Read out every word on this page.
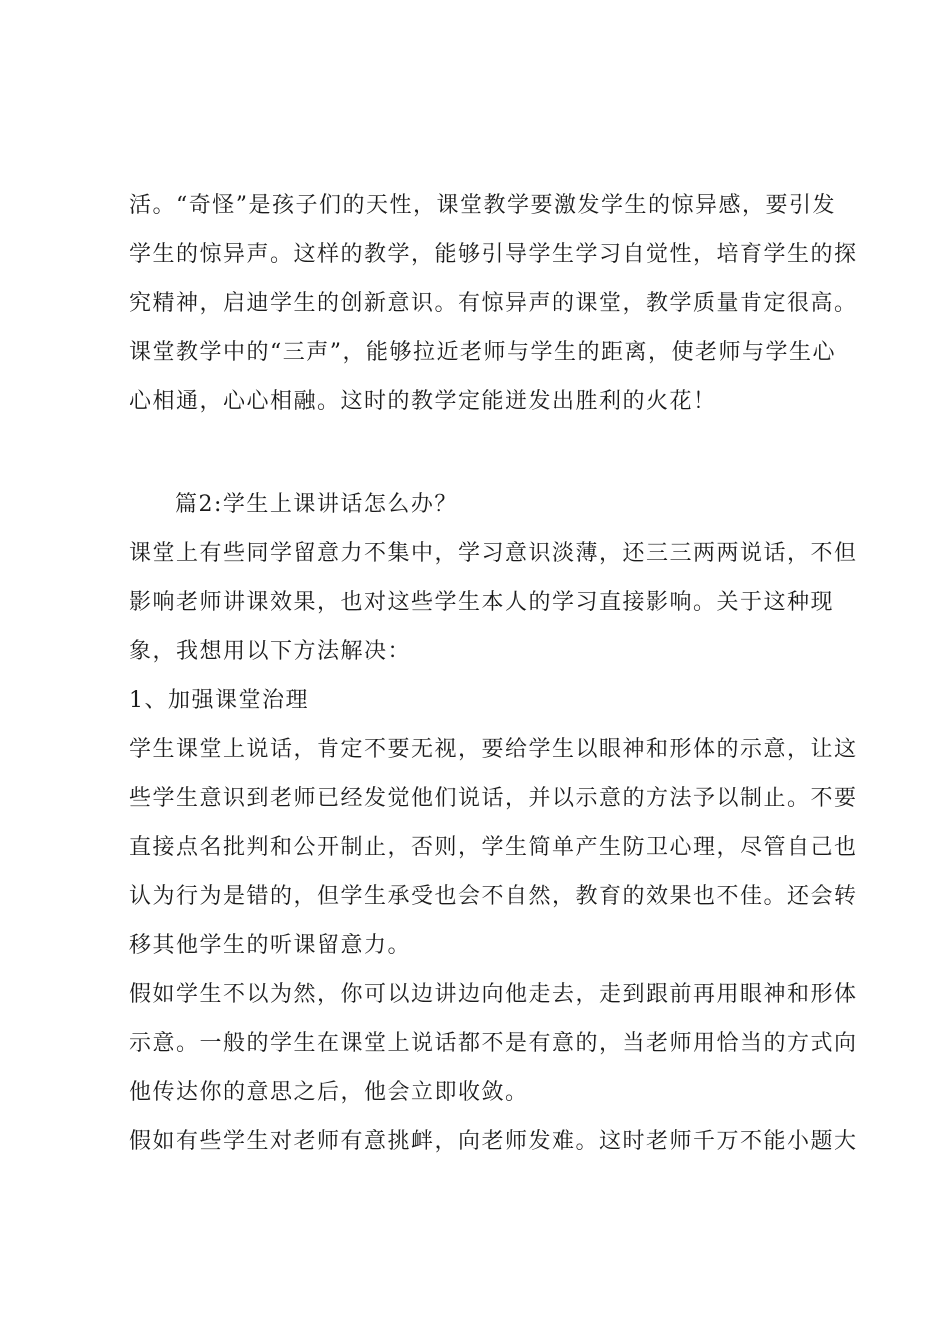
活。“奇怪”是孩子们的天性，课堂教学要激发学生的惊异感，要引发
学生的惊异声。这样的教学，能够引导学生学习自觉性，培育学生的探
究精神，启迪学生的创新意识。有惊异声的课堂，教学质量肯定很高。
课堂教学中的“三声”，能够拉近老师与学生的距离，使老师与学生心
心相通，心心相融。这时的教学定能迸发出胜利的火花！
篇2:学生上课讲话怎么办？
课堂上有些同学留意力不集中，学习意识淡薄，还三三两两说话，不但
影响老师讲课效果，也对这些学生本人的学习直接影响。关于这种现
象，我想用以下方法解决：
1、加强课堂治理
学生课堂上说话，肯定不要无视，要给学生以眼神和形体的示意，让这
些学生意识到老师已经发觉他们说话，并以示意的方法予以制止。不要
直接点名批判和公开制止，否则，学生简单产生防卫心理，尽管自己也
认为行为是错的，但学生承受也会不自然，教育的效果也不佳。还会转
移其他学生的听课留意力。
假如学生不以为然，你可以边讲边向他走去，走到跟前再用眼神和形体
示意。一般的学生在课堂上说话都不是有意的，当老师用恰当的方式向
他传达你的意思之后，他会立即收敛。
假如有些学生对老师有意挑衅，向老师发难。这时老师千万不能小题大
